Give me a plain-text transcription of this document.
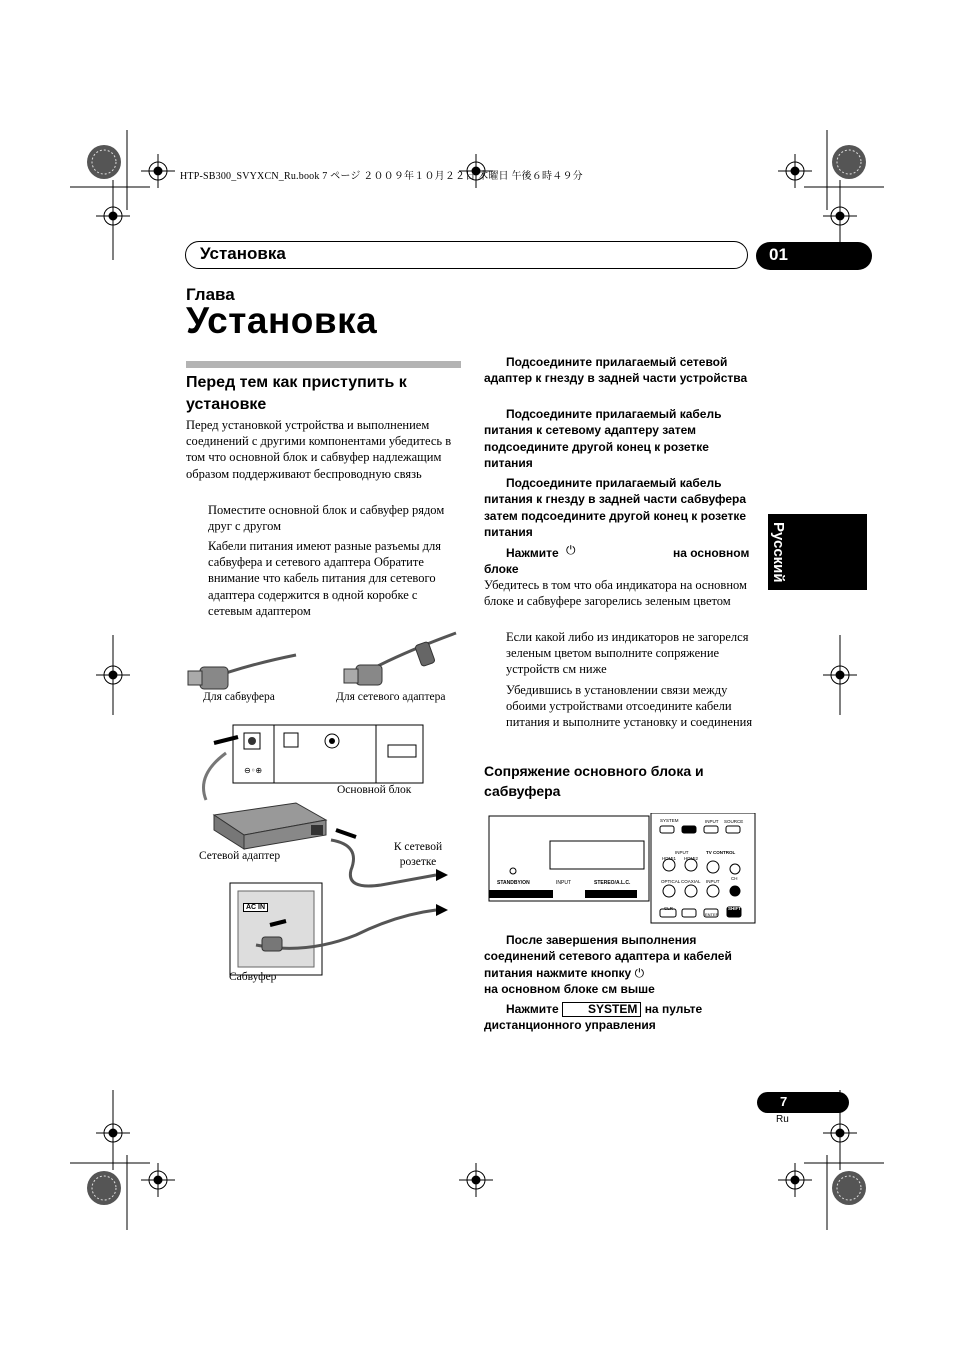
HTP-SB300_SVYXCN_Ru.book 7 ページ ２００９年１０月２２日 木曜日 午後６時４９分
Установка	01
Глава
Установка
Перед тем как приступить к установке
Перед установкой устройства и выполнением соединений с другими компонентами убедитесь в том что основной блок и сабвуфер надлежащим образом поддерживают беспроводную связь
Поместите основной блок и сабвуфер рядом друг с другом
Кабели питания имеют разные разъемы для сабвуфера и сетевого адаптера Обратите внимание что кабель питания для сетевого адаптера содержится в одной коробке с сетевым адаптером
⊖◦⊕
Для сабвуфера	Для сетевого адаптера
Основной блок
Сетевой адаптер
К сетевой розетке
Сабвуфер
AC IN
Подсоедините прилагаемый сетевой адаптер к гнезду в задней части устройства
Подсоедините прилагаемый кабель питания к сетевому адаптеру затем подсоедините другой конец к розетке питания
Подсоедините прилагаемый кабель питания к гнезду в задней части сабвуфера затем подсоедините другой конец к розетке питания
Нажмите ⏻	на основном
блоке
Убедитесь в том что оба индикатора на основном блоке и сабвуфере загорелись зеленым цветом
Если какой либо из индикаторов не загорелся зеленым цветом выполните сопряжение устройств см ниже
Убедившись в установлении связи между обоими устройствами отсоедините кабели питания и выполните установку и соединения
Сопряжение основного блока и сабвуфера
STANDBY/ON	INPUT	STEREO/A.L.C.
SYSTEM	INPUT SOURCE
INPUT	TV CONTROL
HDMI1 HDMI2
OPTICAL COAXIAL INPUT
CH
CLR
ENTER
SHIFT
После завершения выполнения соединений сетевого адаптера и кабелей питания нажмите кнопку ⏻
на основном блоке см выше
Нажмите SYSTEM на пульте дистанционного управления
Русский
7
Ru
